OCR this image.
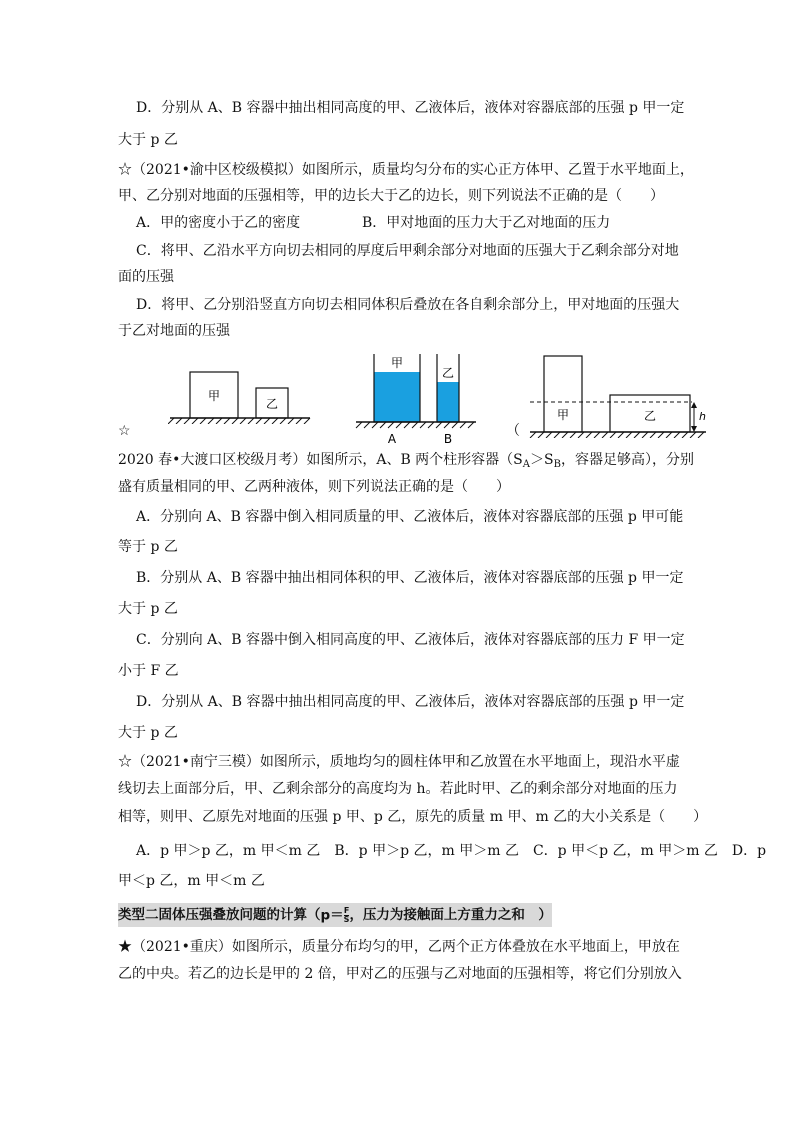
D．分别从 A、B 容器中抽出相同高度的甲、乙液体后，液体对容器底部的压强 p 甲一定
大于 p 乙
☆（2021•渝中区校级模拟）如图所示，质量均匀分布的实心正方体甲、乙置于水平地面上，
甲、乙分别对地面的压强相等，甲的边长大于乙的边长，则下列说法不正确的是（　　）
A．甲的密度小于乙的密度	B．甲对地面的压力大于乙对地面的压力
C．将甲、乙沿水平方向切去相同的厚度后甲剩余部分对地面的压强大于乙剩余部分对地
面的压强
D．将甲、乙分别沿竖直方向切去相同体积后叠放在各自剩余部分上，甲对地面的压强大
于乙对地面的压强
甲
乙
甲
乙
A	B
甲	乙	h
☆	（
2020 春•大渡口区校级月考）如图所示，A、B 两个柱形容器（$S_A>S_B$，容器足够高），分别
盛有质量相同的甲、乙两种液体，则下列说法正确的是（　　）
A．分别向 A、B 容器中倒入相同质量的甲、乙液体后，液体对容器底部的压强 p 甲可能
等于 p 乙
B．分别从 A、B 容器中抽出相同体积的甲、乙液体后，液体对容器底部的压强 p 甲一定
大于 p 乙
C．分别向 A、B 容器中倒入相同高度的甲、乙液体后，液体对容器底部的压力 F 甲一定
小于 F 乙
D．分别从 A、B 容器中抽出相同高度的甲、乙液体后，液体对容器底部的压强 p 甲一定
大于 p 乙
☆（2021•南宁三模）如图所示，质地均匀的圆柱体甲和乙放置在水平地面上，现沿水平虚
线切去上面部分后，甲、乙剩余部分的高度均为 h。若此时甲、乙的剩余部分对地面的压力
相等，则甲、乙原先对地面的压强 p 甲、p 乙，原先的质量 m 甲、m 乙的大小关系是（　　）
A．p 甲＞p 乙，m 甲＜m 乙　B．p 甲＞p 乙，m 甲＞m 乙　C．p 甲＜p 乙，m 甲＞m 乙　D．p
甲＜p 乙，m 甲＜m 乙
类型二固体压强叠放问题的计算（$p= \frac{F}{S}$ ，压力为接触面上方重力之和　）
★（2021•重庆）如图所示，质量分布均匀的甲，乙两个正方体叠放在水平地面上，甲放在
乙的中央。若乙的边长是甲的 2 倍，甲对乙的压强与乙对地面的压强相等，将它们分别放入
